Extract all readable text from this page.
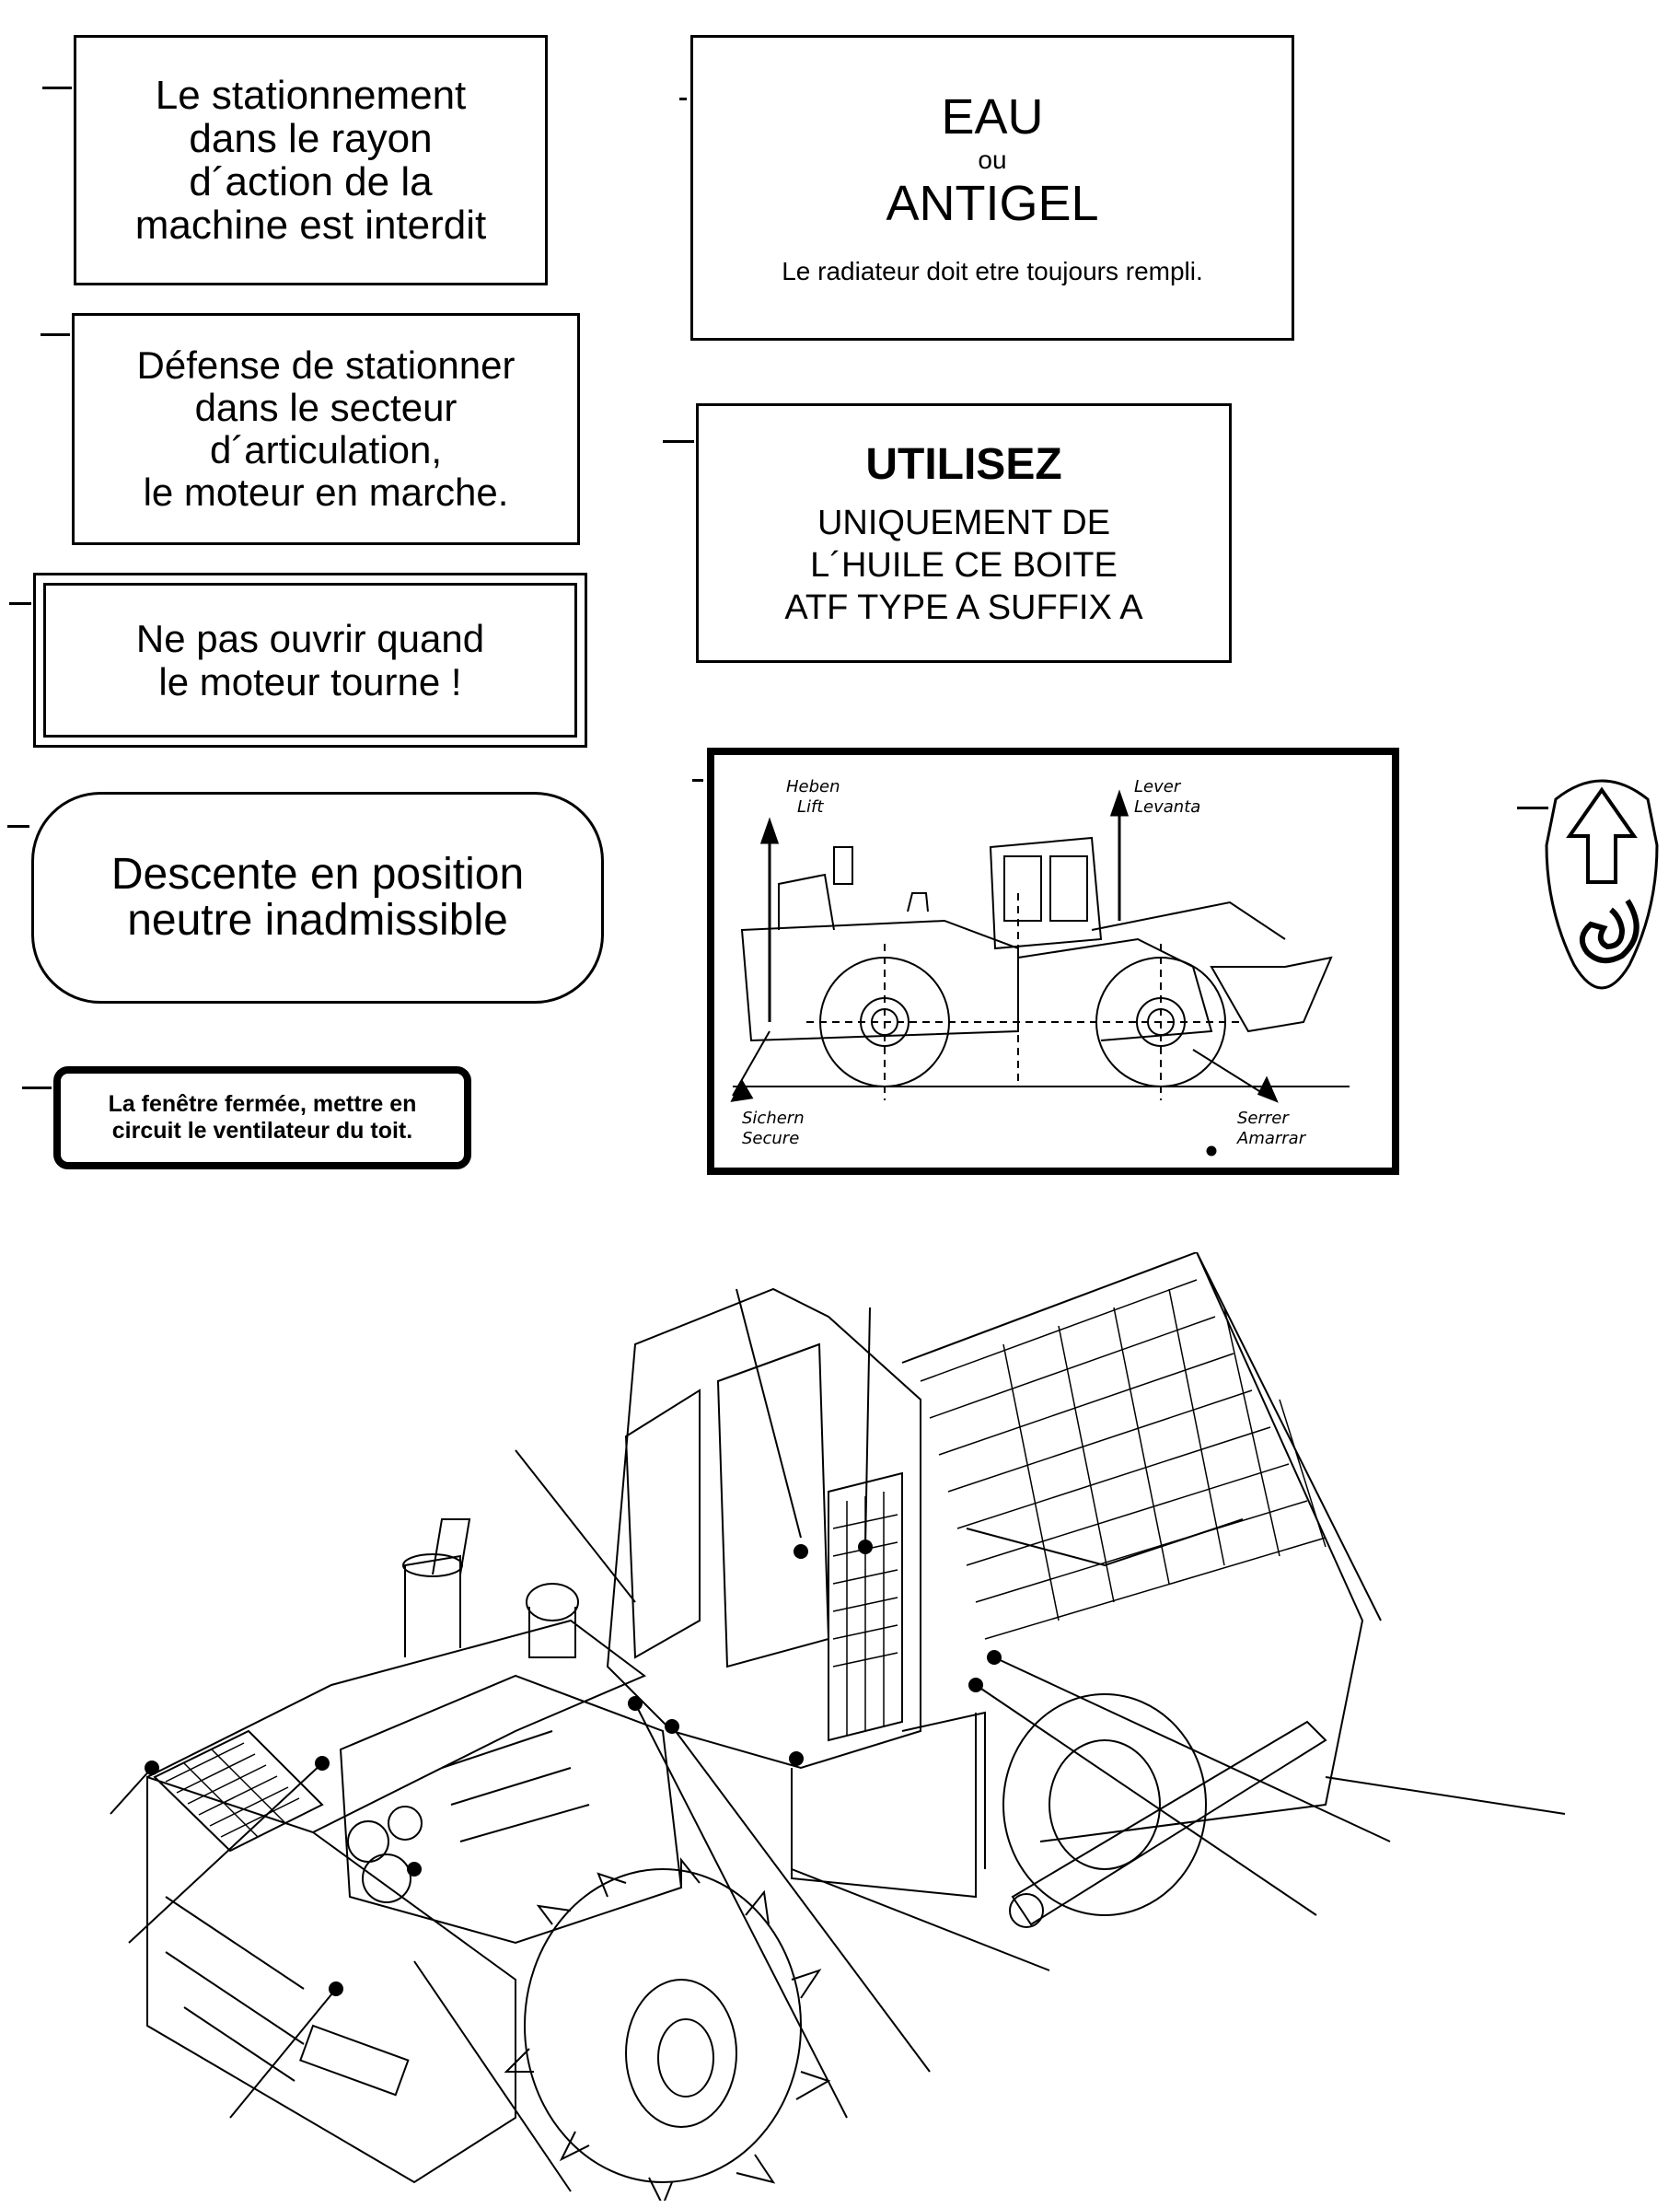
Le stationnement
dans le rayon
d´action de la
machine est interdit
Défense de stationner
dans le secteur
d´articulation,
le moteur en marche.
Ne pas ouvrir quand
le moteur tourne !
Descente en position
neutre inadmissible
La fenêtre fermée, mettre en
circuit le ventilateur du toit.
EAU
ou
ANTIGEL
Le radiateur doit etre toujours rempli.
UTILISEZ
UNIQUEMENT DE
L´HUILE CE BOITE
ATF TYPE A SUFFIX A
Heben
Lift
Lever
Levanta
Sichern
Secure
Serrer
Amarrar
